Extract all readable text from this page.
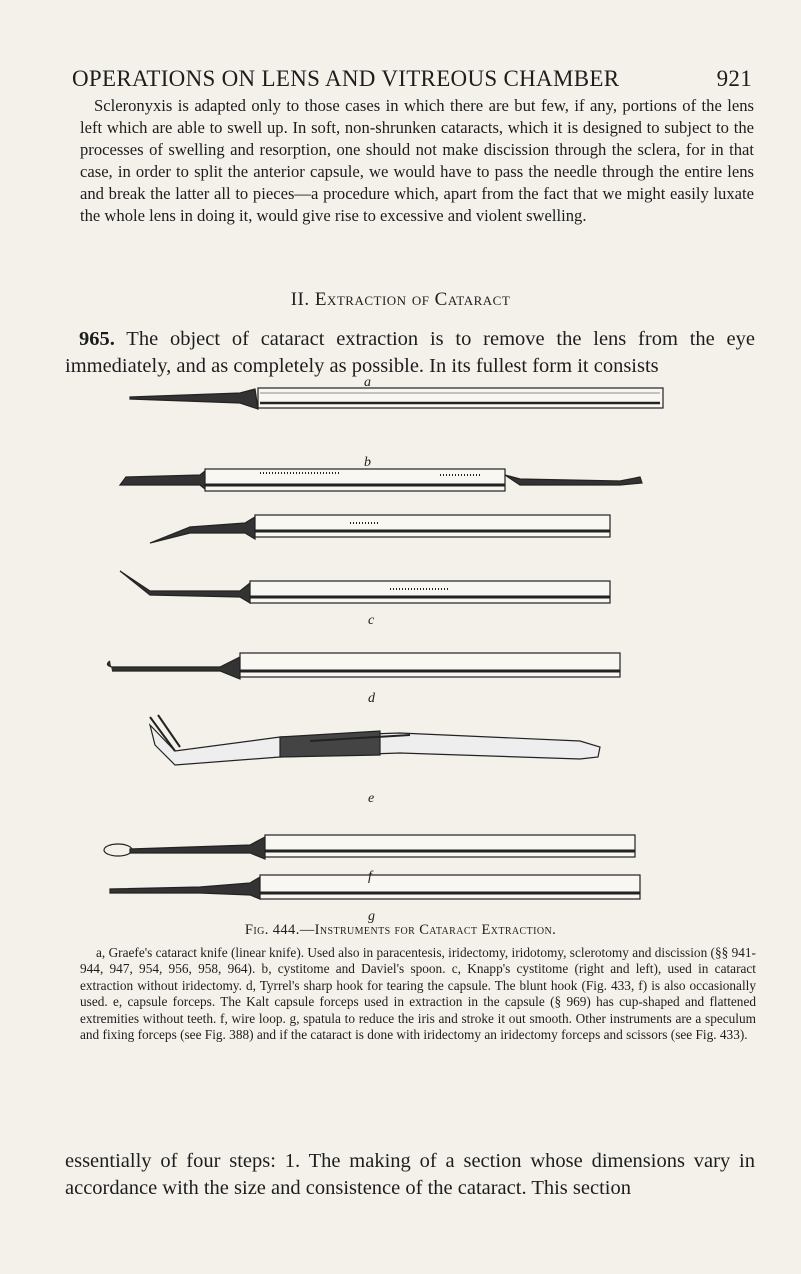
OPERATIONS ON LENS AND VITREOUS CHAMBER	921

Scleronyxis is adapted only to those cases in which there are but few, if any, portions of the lens left which are able to swell up. In soft, non-shrunken cataracts, which it is designed to subject to the processes of swelling and resorption, one should not make discission through the sclera, for in that case, in order to split the anterior capsule, we would have to pass the needle through the entire lens and break the latter all to pieces—a procedure which, apart from the fact that we might easily luxate the whole lens in doing it, would give rise to excessive and violent swelling.

II. Extraction of Cataract

965. The object of cataract extraction is to remove the lens from the eye immediately, and as completely as possible. In its fullest form it consists

a
b
c
d
e
f
g
Fig. 444.—Instruments for Cataract Extraction.

a, Graefe's cataract knife (linear knife). Used also in paracentesis, iridectomy, iridotomy, sclerotomy and discission (§§ 941-944, 947, 954, 956, 958, 964). b, cystitome and Daviel's spoon. c, Knapp's cystitome (right and left), used in cataract extraction without iridectomy. d, Tyrrel's sharp hook for tearing the capsule. The blunt hook (Fig. 433, f) is also occasionally used. e, capsule forceps. The Kalt capsule forceps used in extraction in the capsule (§ 969) has cup-shaped and flattened extremities without teeth. f, wire loop. g, spatula to reduce the iris and stroke it out smooth. Other instruments are a speculum and fixing forceps (see Fig. 388) and if the cataract is done with iridectomy an iridectomy forceps and scissors (see Fig. 433).

essentially of four steps: 1. The making of a section whose dimensions vary in accordance with the size and consistence of the cataract. This section
